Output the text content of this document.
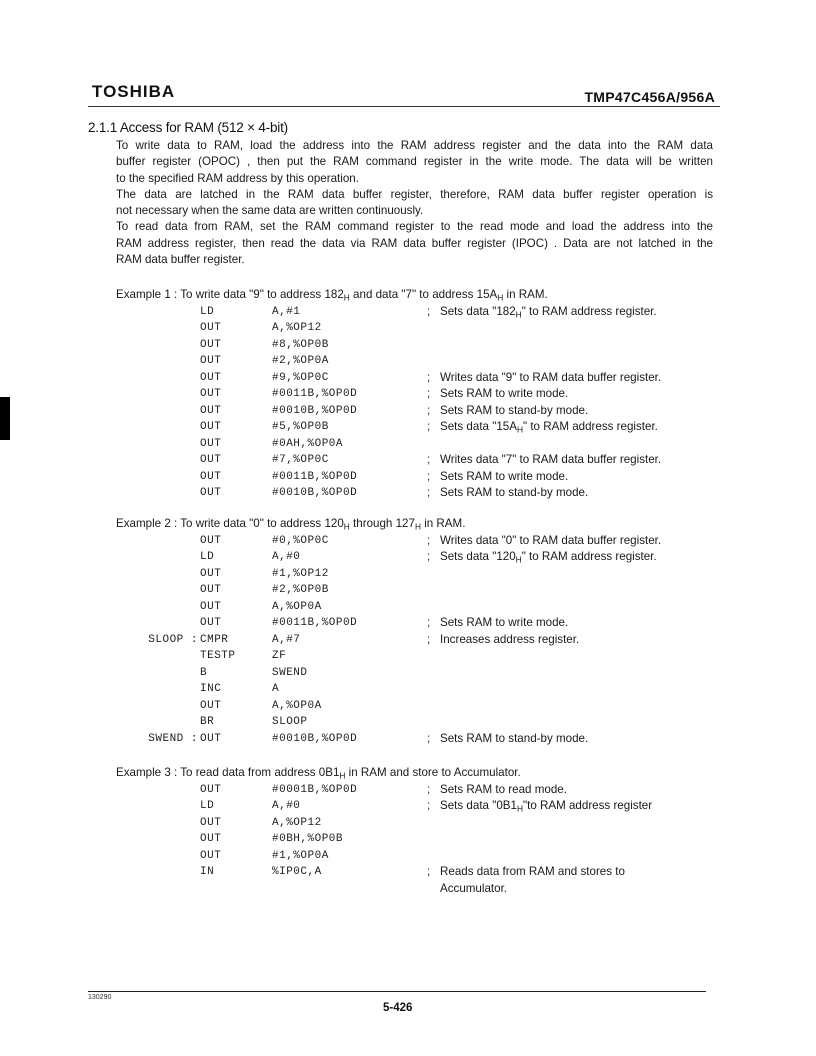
TOSHIBA	TMP47C456A/956A
2.1.1 Access for RAM (512 × 4-bit)
To write data to RAM, load the address into the RAM address register and the data into the RAM data
buffer register (OPOC) , then put the RAM command register in the write mode. The data will be written
to the specified RAM address by this operation.
The data are latched in the RAM data buffer register, therefore, RAM data buffer register operation is
not necessary when the same data are written continuously.
To read data from RAM, set the RAM command register to the read mode and load the address into the
RAM address register, then read the data via RAM data buffer register (IPOC) . Data are not latched in the
RAM data buffer register.
Example 1 : To write data "9" to address $182_H$ and data "7" to address $15A_H$ in RAM.
LD	A,#1	; Sets data "$182_H$" to RAM address register.
OUT	A,%OP12
OUT	#8,%OP0B
OUT	#2,%OP0A
OUT	#9,%OP0C	; Writes data "9" to RAM data buffer register.
OUT	#0011B,%OP0D	; Sets RAM to write mode.
OUT	#0010B,%OP0D	; Sets RAM to stand-by mode.
OUT	#5,%OP0B	; Sets data "$15A_H$" to RAM address register.
OUT	#0AH,%OP0A
OUT	#7,%OP0C	; Writes data "7" to RAM data buffer register.
OUT	#0011B,%OP0D	; Sets RAM to write mode.
OUT	#0010B,%OP0D	; Sets RAM to stand-by mode.
Example 2 : To write data "0" to address $120_H$ through $127_H$ in RAM.
OUT	#0,%OP0C	; Writes data "0" to RAM data buffer register.
LD	A,#0	; Sets data "$120_H$" to RAM address register.
OUT	#1,%OP12
OUT	#2,%OP0B
OUT	A,%OP0A
OUT	#0011B,%OP0D	; Sets RAM to write mode.
SLOOP : CMPR	A,#7	; Increases address register.
TESTP	ZF
B	SWEND
INC	A
OUT	A,%OP0A
BR	SLOOP
SWEND : OUT	#0010B,%OP0D	; Sets RAM to stand-by mode.
Example 3 : To read data from address $0B1_H$ in RAM and store to Accumulator.
OUT	#0001B,%OP0D	; Sets RAM to read mode.
LD	A,#0	; Sets data "$0B1_H"to$ RAM address register
OUT	A,%OP12
OUT	#0BH,%OP0B
OUT	#1,%OP0A
IN	%IP0C,A	; Reads data from RAM and stores to
Accumulator.
130290
5-426
